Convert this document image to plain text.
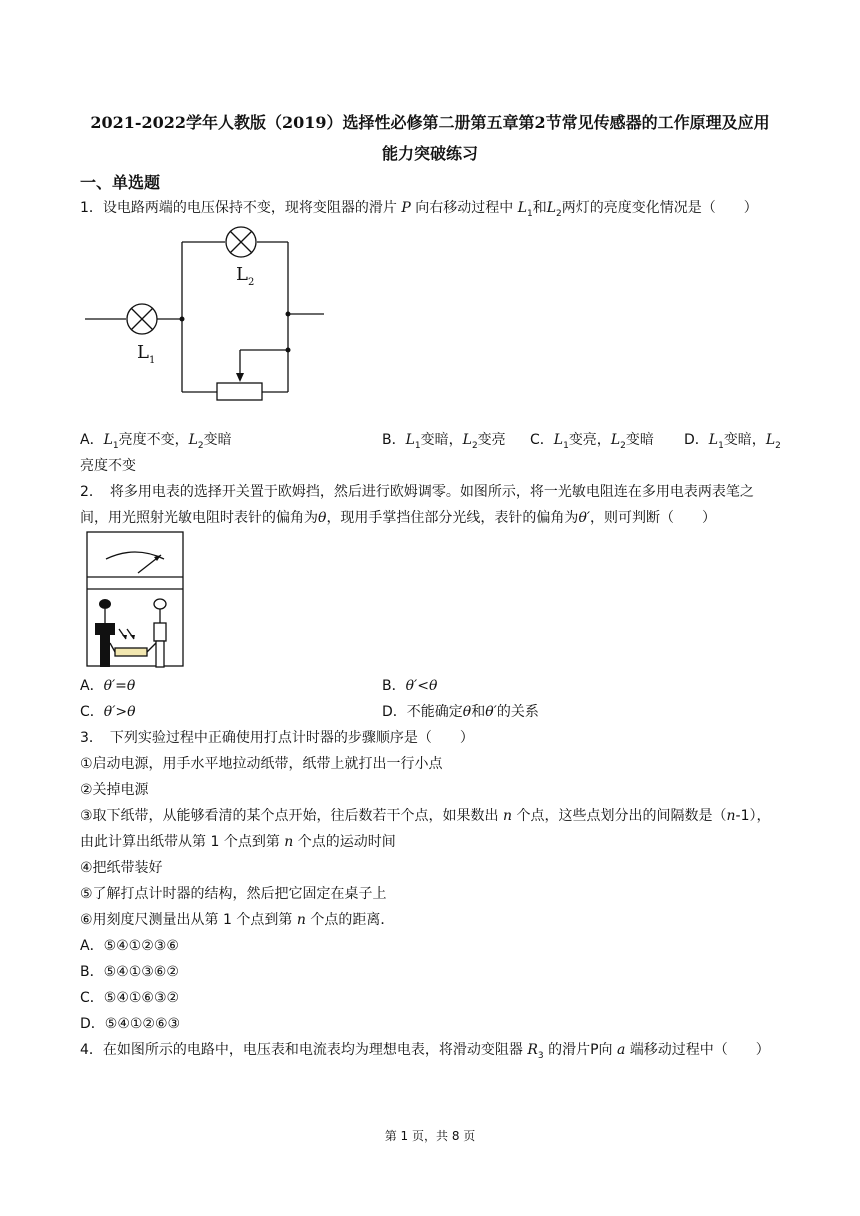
2021-2022学年人教版（2019）选择性必修第二册第五章第2节常见传感器的工作原理及应用
能力突破练习
一、单选题
1．设电路两端的电压保持不变，现将变阻器的滑片 P 向右移动过程中 $L_1$和$L_2$两灯的亮度变化情况是（　　）
L 2
L 1
A．$L_1$亮度不变，$L_2$变暗	B．$L_1$变暗，$L_2$变亮 C．$L_1$变亮，$L_2$变暗 D．$L_1$变暗，$L_2$
亮度不变
2．　将多用电表的选择开关置于欧姆挡，然后进行欧姆调零。如图所示，将一光敏电阻连在多用电表两表笔之
间，用光照射光敏电阻时表针的偏角为θ，现用手掌挡住部分光线，表针的偏角为θ′，则可判断（　　）
A．θ′=θ	B．θ′<θ
C．θ′>θ	D．不能确定θ和θ′的关系
3．　下列实验过程中正确使用打点计时器的步骤顺序是（　　）
①启动电源，用手水平地拉动纸带，纸带上就打出一行小点
②关掉电源
③取下纸带，从能够看清的某个点开始，往后数若干个点，如果数出 n 个点，这些点划分出的间隔数是（n-1），
由此计算出纸带从第 1 个点到第 n 个点的运动时间
④把纸带装好
⑤了解打点计时器的结构，然后把它固定在桌子上
⑥用刻度尺测量出从第 1 个点到第 n 个点的距离．
A．⑤④①②③⑥
B．⑤④①③⑥②
C．⑤④①⑥③②
D．⑤④①②⑥③
4．在如图所示的电路中，电压表和电流表均为理想电表，将滑动变阻器 $R_3$ 的滑片P向 a 端移动过程中（　　）
第 1 页，共 8 页
